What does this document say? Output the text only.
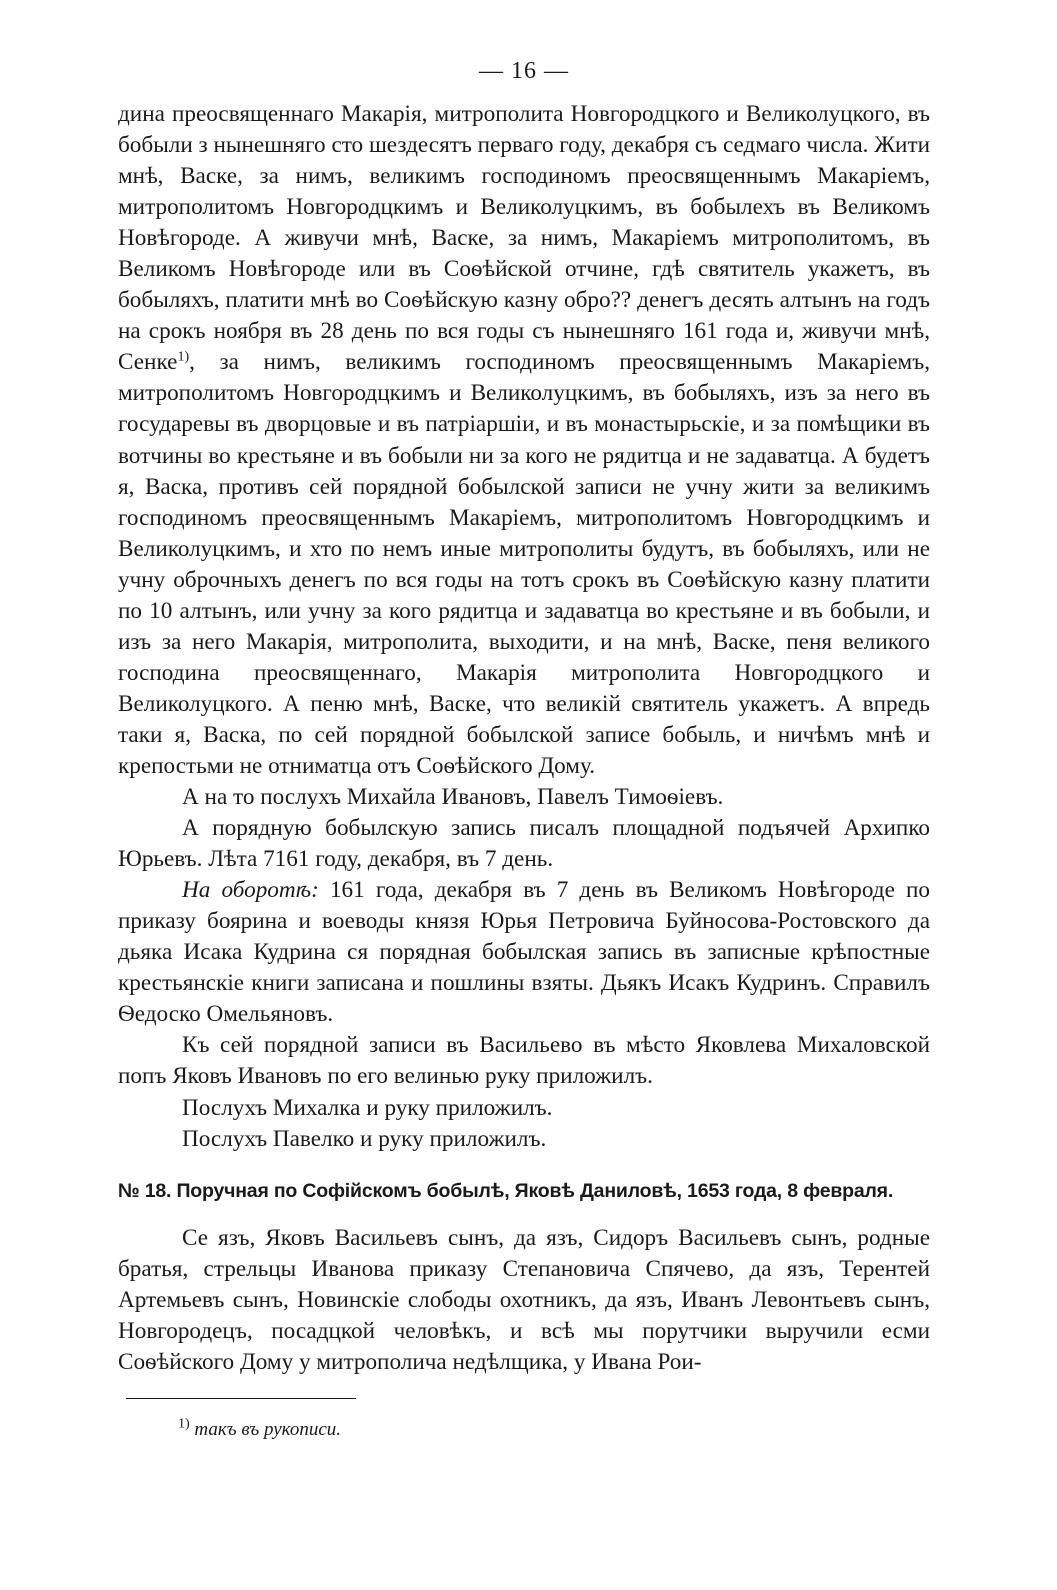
— 16 —

дина преосвященнаго Макарія, митрополита Новгородцкого и Великолуцкого, въ бобыли з нынешняго сто шездесятъ перваго году, декабря съ седмаго числа. Жити мнѣ, Васке, за нимъ, великимъ господиномъ преосвященнымъ Макаріемъ, митрополитомъ Новгородцкимъ и Великолуцкимъ, въ бобылехъ въ Великомъ Новѣгороде. А живучи мнѣ, Васке, за нимъ, Макаріемъ митрополитомъ, въ Великомъ Новѣгороде или въ Соѳѣйской отчине, гдѣ святитель укажетъ, въ бобыляхъ, платити мнѣ во Соѳѣйскую казну обро?? денегъ десять алтынъ на годъ на срокъ ноября въ 28 день по вся годы съ нынешняго 161 года и, живучи мнѣ, Сенке$^{1)}$, за нимъ, великимъ господиномъ преосвященнымъ Макаріемъ, митрополитомъ Новгородцкимъ и Великолуцкимъ, въ бобыляхъ, изъ за него въ государевы въ дворцовые и въ патріаршіи, и въ монастырьскіе, и за помѣщики въ вотчины во крестьяне и въ бобыли ни за кого не рядитца и не задаватца. А будетъ я, Васка, противъ сей порядной бобылской записи не учну жити за великимъ господиномъ преосвященнымъ Макаріемъ, митрополитомъ Новгородцкимъ и Великолуцкимъ, и хто по немъ иные митрополиты будутъ, въ бобыляхъ, или не учну оброчныхъ денегъ по вся годы на тотъ срокъ въ Соѳѣйскую казну платити по 10 алтынъ, или учну за кого рядитца и задаватца во крестьяне и въ бобыли, и изъ за него Макарія, митрополита, выходити, и на мнѣ, Васке, пеня великого господина преосвященнаго, Макарія митрополита Новгородцкого и Великолуцкого. А пеню мнѣ, Васке, что великій святитель укажетъ. А впредь таки я, Васка, по сей порядной бобылской записе бобыль, и ничѣмъ мнѣ и крепостьми не отниматца отъ Соѳѣйского Дому.

А на то послухъ Михайла Ивановъ, Павелъ Тимоѳіевъ.

А порядную бобылскую запись писалъ площадной подъячей Архипко Юрьевъ. Лѣта 7161 году, декабря, въ 7 день.

На оборотѣ: 161 года, декабря въ 7 день въ Великомъ Новѣгороде по приказу боярина и воеводы князя Юрья Петровича Буйносова-Ростовского да дьяка Исака Кудрина ся порядная бобылская запись въ записные крѣпостные крестьянскіе книги записана и пошлины взяты. Дьякъ Исакъ Кудринъ. Справилъ Ѳедоско Омельяновъ.

Къ сей порядной записи въ Васильево въ мѣсто Яковлева Михаловской попъ Яковъ Ивановъ по его велинью руку приложилъ.

Послухъ Михалка и руку приложилъ.

Послухъ Павелко и руку приложилъ.

№ 18. Поручная по Софійскомъ бобылѣ, Яковѣ Даниловѣ, 1653 года, 8 февраля.

Се язъ, Яковъ Васильевъ сынъ, да язъ, Сидоръ Васильевъ сынъ, родные братья, стрельцы Иванова приказу Степановича Спячево, да язъ, Терентей Артемьевъ сынъ, Новинскіе слободы охотникъ, да язъ, Иванъ Левонтьевъ сынъ, Новгородецъ, посадцкой человѣкъ, и всѣ мы порутчики выручили есми Соѳѣйского Дому у митрополича недѣлщика, у Ивана Рои-

$^{1)}$ такъ въ рукописи.
